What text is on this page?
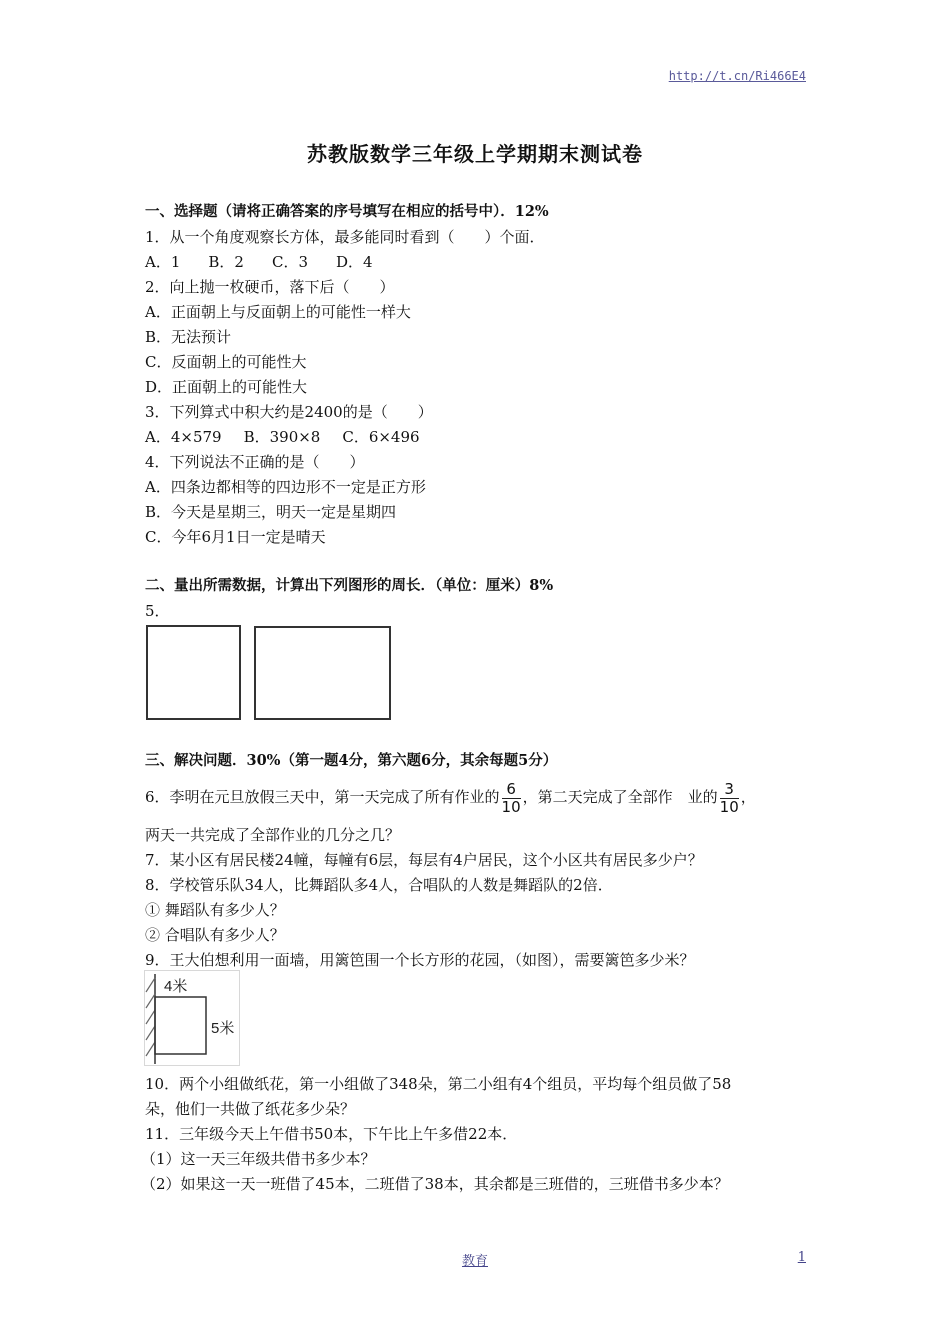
http://t.cn/Ri466E4
苏教版数学三年级上学期期末测试卷
一、选择题（请将正确答案的序号填写在相应的括号中）．12%
1．从一个角度观察长方体，最多能同时看到（　　）个面．
A．1 B．2 C．3 D．4
2．向上抛一枚硬币，落下后（　　）
A．正面朝上与反面朝上的可能性一样大
B．无法预计
C．反面朝上的可能性大
D．正面朝上的可能性大
3．下列算式中积大约是2400的是（　　）
A．4×579 B．390×8 C．6×496
4．下列说法不正确的是（　　）
A．四条边都相等的四边形不一定是正方形
B．今天是星期三，明天一定是星期四
C．今年6月1日一定是晴天
二、量出所需数据，计算出下列图形的周长．（单位：厘米）8%
5．
三、解决问题．30%（第一题4分，第六题6分，其余每题5分）
6．李明在元旦放假三天中，第一天完成了所有作业的 $\frac{6}{10}$ ，第二天完成了全部作　业的 $\frac{3}{10}$ ，
两天一共完成了全部作业的几分之几？
7．某小区有居民楼24幢，每幢有6层，每层有4户居民，这个小区共有居民多少户？
8．学校管乐队34人，比舞蹈队多4人，合唱队的人数是舞蹈队的2倍．
① 舞蹈队有多少人？
② 合唱队有多少人？
9．王大伯想利用一面墙，用篱笆围一个长方形的花园，（如图），需要篱笆多少米？
4米
5米
10．两个小组做纸花，第一小组做了348朵，第二小组有4个组员，平均每个组员做了58
朵，他们一共做了纸花多少朵？
11．三年级今天上午借书50本，下午比上午多借22本．
（1）这一天三年级共借书多少本？
（2）如果这一天一班借了45本，二班借了38本，其余都是三班借的，三班借书多少本？
教育	1
